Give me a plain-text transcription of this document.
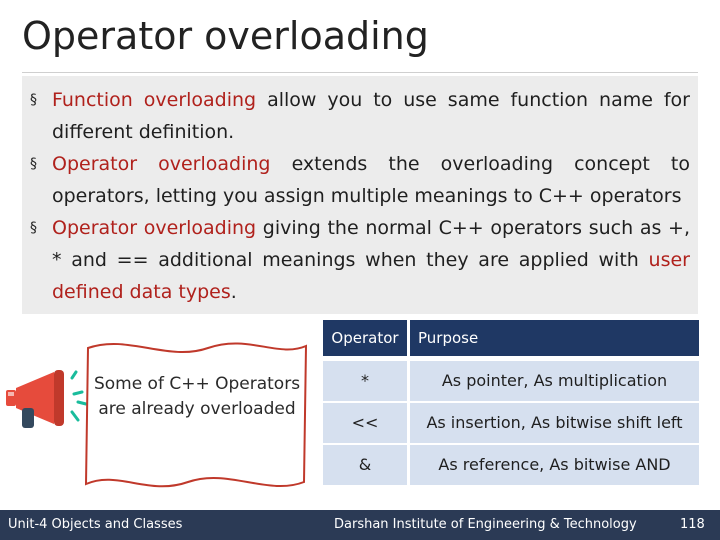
Operator overloading
§ Function overloading allow you to use same function name for different definition.
§ Operator overloading extends the overloading concept to operators, letting you assign multiple meanings to C++ operators
§ Operator overloading giving the normal C++ operators such as +, * and == additional meanings when they are applied with user defined data types.
Some of C++ Operators
are already overloaded
Operator	Purpose
*	As pointer, As multiplication
<<	As insertion, As bitwise shift left
&	As reference, As bitwise AND
Unit-4 Objects and Classes	Darshan Institute of Engineering & Technology	118
